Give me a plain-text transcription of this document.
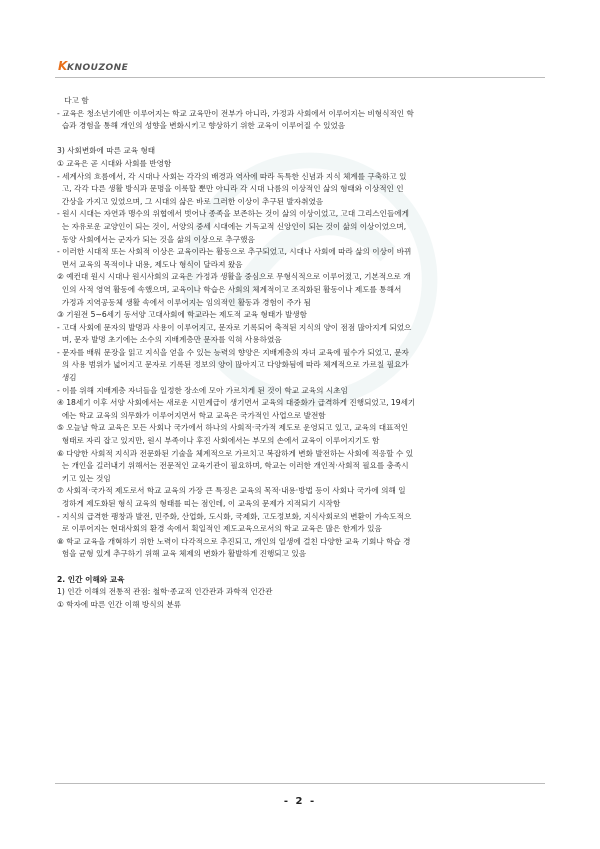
KKNOUZONE

다고 함

- 교육은 청소년기에만 이루어지는 학교 교육만이 전부가 아니라, 가정과 사회에서 이루어지는 비형식적인 학

습과 경험을 통해 개인의 성향을 변화시키고 향상하기 위한 교육이 이루어질 수 있었음

3) 사회변화에 따른 교육 형태

① 교육은 곧 시대와 사회를 반영함

- 세계사의 흐름에서, 각 시대나 사회는 각각의 배경과 역사에 따라 독특한 신념과 지식 체계를 구축하고 있

고, 각각 다른 생활 방식과 문명을 이룩할 뿐만 아니라 각 시대 나름의 이상적인 삶의 형태와 이상적인 인

간상을 가지고 있었으며, 그 시대의 삶은 바로 그러한 이상이 추구된 발자취였음

- 원시 시대는 자연과 맹수의 위협에서 벗어나 종족을 보존하는 것이 삶의 이상이었고, 고대 그리스인들에게

는 자유로운 교양인이 되는 것이, 서양의 중세 시대에는 기독교적 신앙인이 되는 것이 삶의 이상이었으며,

동양 사회에서는 군자가 되는 것을 삶의 이상으로 추구했음

- 이러한 시대적 또는 사회적 이상은 교육이라는 활동으로 추구되었고, 시대나 사회에 따라 삶의 이상이 바뀌

면서 교육의 목적이나 내용, 제도나 형식이 달라져 왔음

② 예컨대 원시 시대나 원시사회의 교육은 가정과 생활을 중심으로 무형식적으로 이루어졌고, 기본적으로 개

인의 사적 영역 활동에 속했으며, 교육이나 학습은 사회의 체계적이고 조직화된 활동이나 제도를 통해서

가정과 지역공동체 생활 속에서 이루어지는 임의적인 활동과 경험이 주가 됨

③ 기원전 5~6세기 동서양 고대사회에 학교라는 제도적 교육 형태가 발생함

- 고대 사회에 문자의 발명과 사용이 이루어지고, 문자로 기록되어 축적된 지식의 양이 점점 많아지게 되었으

며, 문자 발명 초기에는 소수의 지배계층만 문자를 익혀 사용하였음

- 문자를 배워 문장을 읽고 지식을 얻을 수 있는 능력의 향양은 지배계층의 자녀 교육에 필수가 되었고, 문자

의 사용 범위가 넓어지고 문자로 기록된 정보의 양이 많아지고 다양화됨에 따라 체계적으로 가르칠 필요가

생김

- 이를 위해 지배계층 자녀들을 일정한 장소에 모아 가르치게 된 것이 학교 교육의 시초임

④ 18세기 이후 서양 사회에서는 새로운 시민계급이 생기면서 교육의 대중화가 급격하게 진행되었고, 19세기

에는 학교 교육의 의무화가 이루어지면서 학교 교육은 국가적인 사업으로 발전함

⑤ 오늘날 학교 교육은 모든 사회나 국가에서 하나의 사회적·국가적 제도로 운영되고 있고, 교육의 대표적인

형태로 자리 잡고 있지만, 원시 부족이나 후진 사회에서는 부모의 손에서 교육이 이루어지기도 함

⑥ 다양한 사회적 지식과 전문화된 기술을 체계적으로 가르치고 복잡하게 변화 발전하는 사회에 적응할 수 있

는 개인을 길러내기 위해서는 전문적인 교육기관이 필요하며, 학교는 이러한 개인적·사회적 필요를 충족시

키고 있는 것임

⑦ 사회적·국가적 제도로서 학교 교육의 가장 큰 특징은 교육의 목적·내용·방법 등이 사회나 국가에 의해 일

정하게 제도화된 형식 교육의 형태를 띠는 점인데, 이 교육의 문제가 지적되기 시작함

- 지식의 급격한 팽창과 발전, 민주화, 산업화, 도시화, 국제화, 고도정보화, 지식사회로의 변환이 가속도적으

로 이루어지는 현대사회의 환경 속에서 획일적인 제도교육으로서의 학교 교육은 많은 한계가 있음

⑧ 학교 교육을 개혁하기 위한 노력이 다각적으로 추진되고, 개인의 일생에 걸친 다양한 교육 기회나 학습 경

험을 균형 있게 추구하기 위해 교육 체제의 변화가 활발하게 진행되고 있음

2. 인간 이해와 교육

1) 인간 이해의 전통적 관점: 철학·종교적 인간관과 과학적 인간관

① 학자에 따른 인간 이해 방식의 분류

- 2 -
